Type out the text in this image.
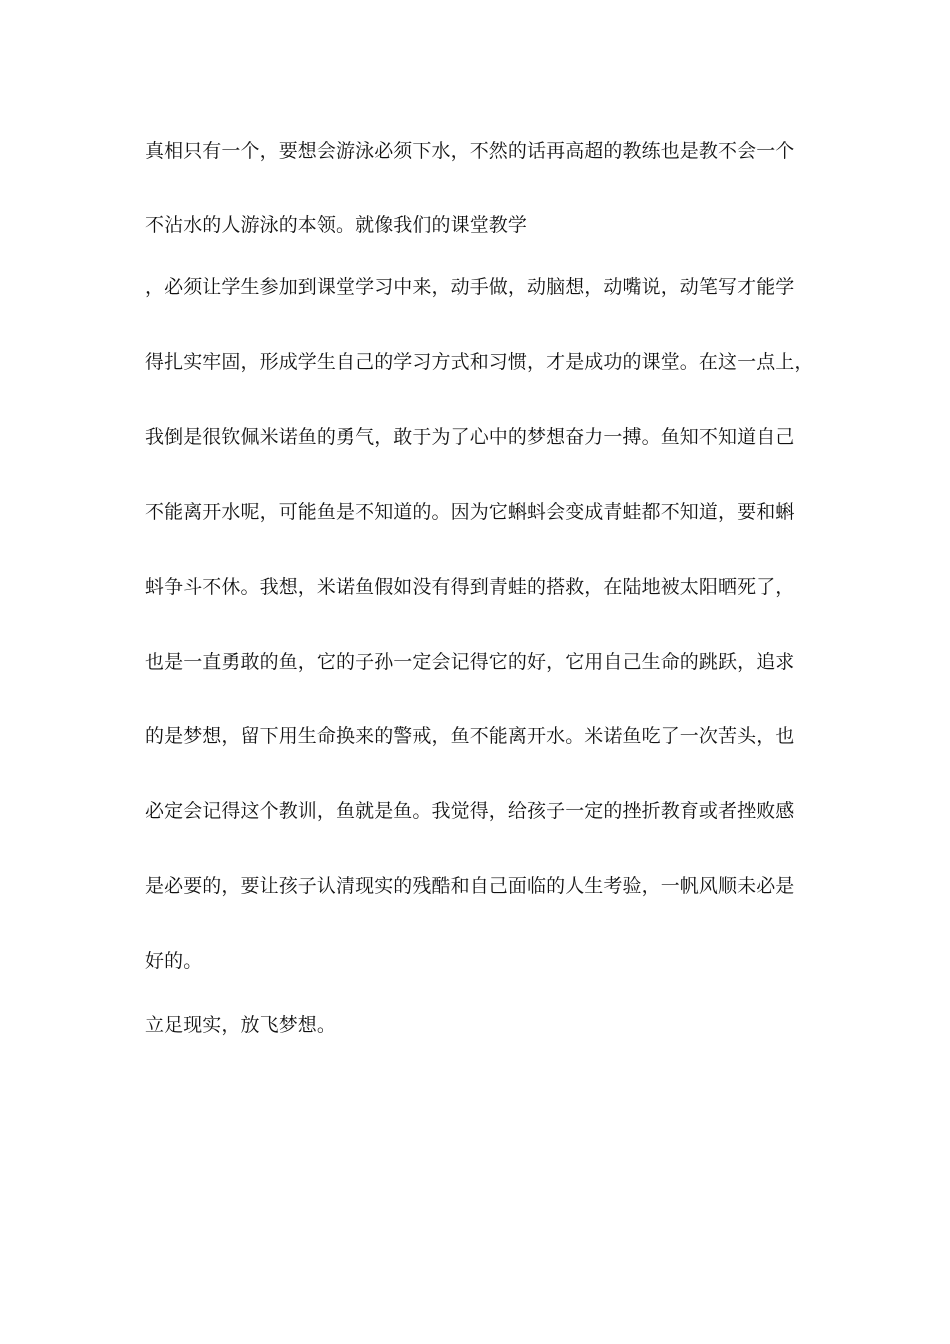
真相只有一个，要想会游泳必须下水，不然的话再高超的教练也是教不会一个
不沾水的人游泳的本领。就像我们的课堂教学
，必须让学生参加到课堂学习中来，动手做，动脑想，动嘴说，动笔写才能学
得扎实牢固，形成学生自己的学习方式和习惯，才是成功的课堂。在这一点上，
我倒是很钦佩米诺鱼的勇气，敢于为了心中的梦想奋力一搏。鱼知不知道自己
不能离开水呢，可能鱼是不知道的。因为它蝌蚪会变成青蛙都不知道，要和蝌
蚪争斗不休。我想，米诺鱼假如没有得到青蛙的搭救，在陆地被太阳晒死了，
也是一直勇敢的鱼，它的子孙一定会记得它的好，它用自己生命的跳跃，追求
的是梦想，留下用生命换来的警戒，鱼不能离开水。米诺鱼吃了一次苦头，也
必定会记得这个教训，鱼就是鱼。我觉得，给孩子一定的挫折教育或者挫败感
是必要的，要让孩子认清现实的残酷和自己面临的人生考验，一帆风顺未必是
好的。
立足现实，放飞梦想。
